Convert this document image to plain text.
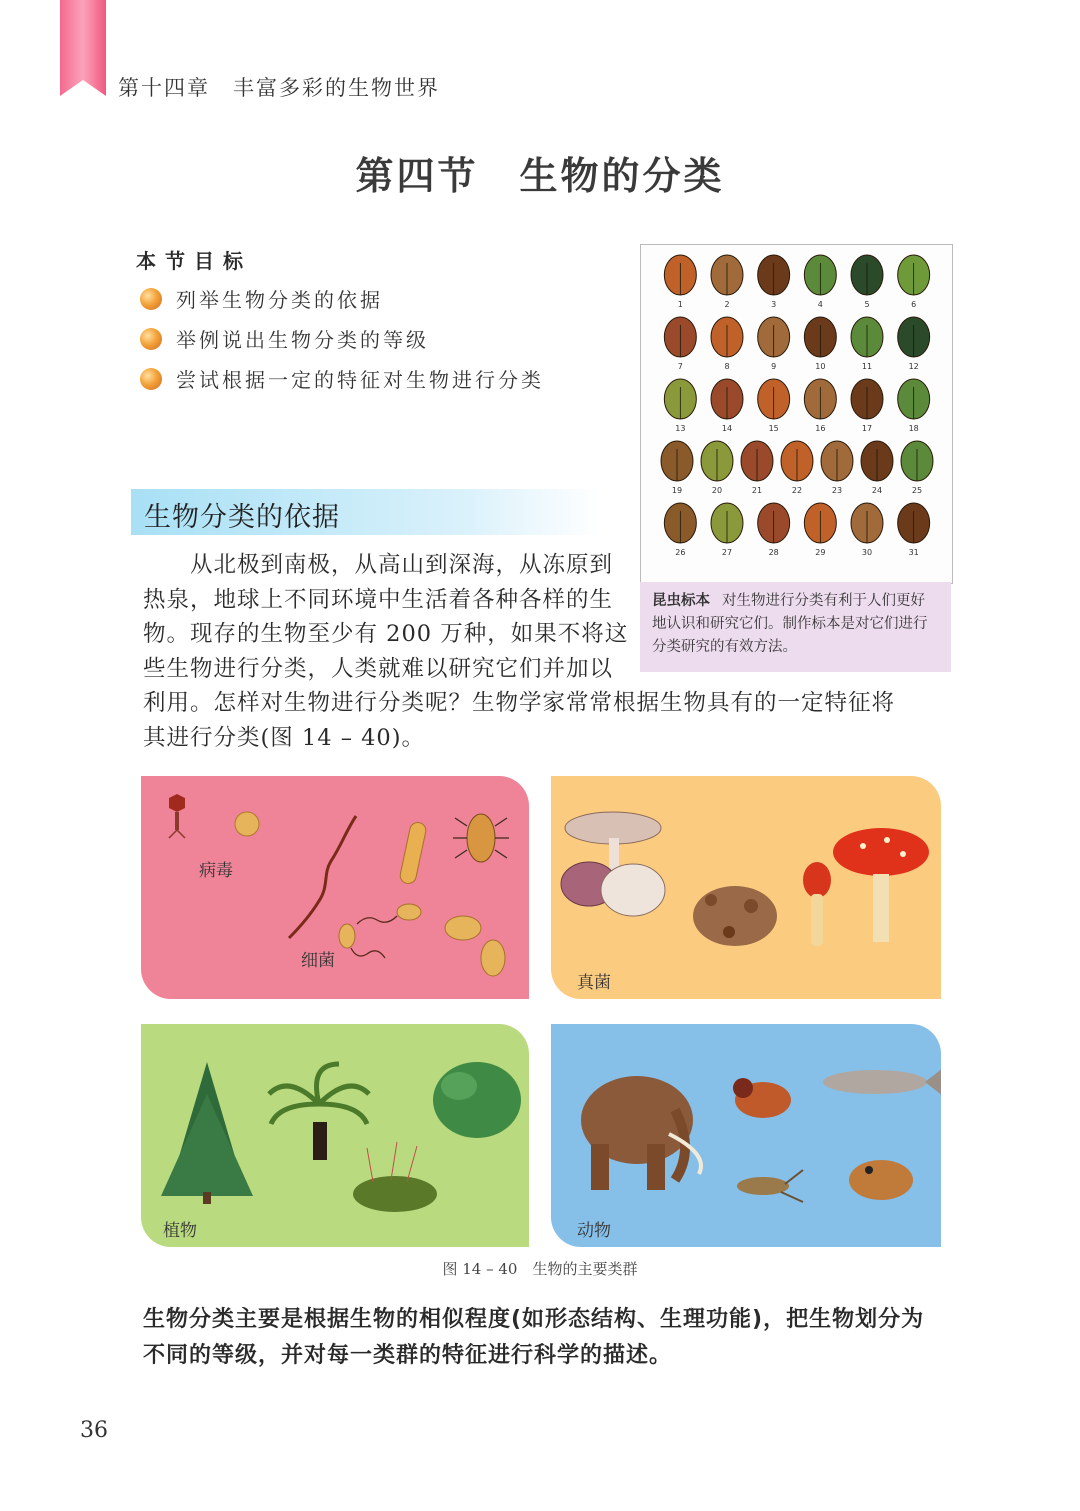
第十四章　丰富多彩的生物世界
第四节　生物的分类
本节目标
列举生物分类的依据
举例说出生物分类的等级
尝试根据一定的特征对生物进行分类
1	2	3	4	5	6
7	8	9	10	11	12
13	14	15	16	17	18
19	20	21	22	23	24	25
26	27	28	29	30	31
昆虫标本 对生物进行分类有利于人们更好地认识和研究它们。制作标本是对它们进行分类研究的有效方法。
生物分类的依据
　　从北极到南极，从高山到深海，从冻原到
热泉，地球上不同环境中生活着各种各样的生
物。现存的生物至少有 200 万种，如果不将这
些生物进行分类，人类就难以研究它们并加以
利用。怎样对生物进行分类呢？生物学家常常根据生物具有的一定特征将
其进行分类(图 14 – 40)。
病毒
细菌
真菌
植物	动物
图 14 – 40　生物的主要类群
生物分类主要是根据生物的相似程度(如形态结构、生理功能)，把生物划分为不同的等级，并对每一类群的特征进行科学的描述。
36
